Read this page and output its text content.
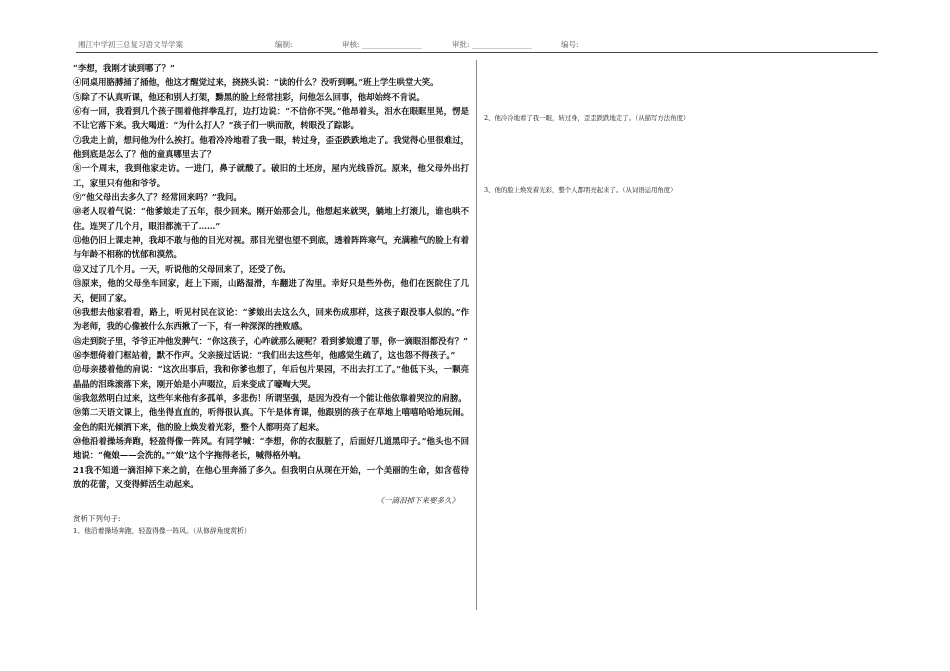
湘江中学初三总复习语文导学案	编制:	审核: ________________	审批: ________________	编号:

“李想，我刚才读到哪了？”

④同桌用胳膊捅了捅他，他这才醒觉过来，挠挠头说：“读的什么？没听到啊。”班上学生哄堂大笑。

⑤除了不认真听课，他还和别人打架，黝黑的脸上经常挂彩，问他怎么回事，他却始终不肯说。

⑥有一回，我看到几个孩子围着他拌拳乱打，边打边说：“不信你不哭。”他昂着头，泪水在眼眶里晃，愣是不让它落下来。我大喝道：“为什么打人？”孩子们一哄而散，转眼没了踪影。

⑦我走上前，想问他为什么挨打。他看冷冷地看了我一眼，转过身，歪歪跌跌地走了。我觉得心里很难过，他到底是怎么了？他的童真哪里去了？

⑧一个周末，我到他家走访。一进门，鼻子就酸了。破旧的土坯房，屋内光线昏沉。原来，他父母外出打工，家里只有他和爷爷。

⑨“他父母出去多久了？经常回来吗？”我问。

⑩老人叹着气说：“他爹娘走了五年，很少回来。刚开始那会儿，他想起来就哭，躺地上打滚儿，谁也哄不住。连哭了几个月，眼泪都流干了……”

⑪他仍旧上课走神，我却不敢与他的目光对视。那目光望也望不到底，透着阵阵寒气，充满稚气的脸上有着与年龄不相称的忧郁和漠然。

⑫又过了几个月。一天，听说他的父母回来了，还受了伤。

⑬原来，他的父母坐车回家，赶上下雨，山路湿滑，车翻进了沟里。幸好只是些外伤，他们在医院住了几天，便回了家。

⑭我想去他家看看，路上，听见村民在议论：“爹娘出去这么久，回来伤成那样，这孩子跟没事人似的。”作为老师，我的心像被什么东西揪了一下，有一种深深的挫败感。

⑮走到院子里，爷爷正冲他发脾气：“你这孩子，心咋就那么硬呢？看到爹娘遭了罪，你一滴眼泪都没有？”

⑯李想倚着门框站着，默不作声。父亲接过话说：“我们出去这些年，他感觉生疏了，这也怨不得孩子。”

⑰母亲搂着他的肩说：“这次出事后，我和你爹也想了，年后包片果园，不出去打工了。”他低下头，一颗亮晶晶的泪珠滚落下来，刚开始是小声啜泣，后来变成了嚎啕大哭。

⑱我忽然明白过来，这些年来他有多孤单，多悲伤！所谓坚强，是因为没有一个能让他依靠着哭泣的肩膀。

⑲第二天语文课上，他坐得直直的，听得很认真。下午是体育课，他跟别的孩子在草地上嘻嘻哈哈地玩闹。金色的阳光倾洒下来，他的脸上焕发着光彩，整个人都明亮了起来。

⑳他沿着操场奔跑，轻盈得像一阵风。有同学喊：“李想，你的衣服脏了，后面好几道黑印子。”他头也不回地说：“俺娘——会洗的。”“娘”这个字拖得老长，喊得格外响。

21我不知道一滴泪掉下来之前，在他心里奔涌了多久。但我明白从现在开始，一个美丽的生命，如含苞待放的花蕾，又变得鲜活生动起来。

《一滴泪掉下来要多久》
赏析下列句子:
1、他沿着操场奔跑，轻盈得像一阵风。（从修辞角度赏析）
2、他冷冷地看了我一眼，转过身，歪歪跌跌地走了。（从描写方法角度）
3、他的脸上焕发着光彩，整个人都明亮起来了。（从词语运用角度）
